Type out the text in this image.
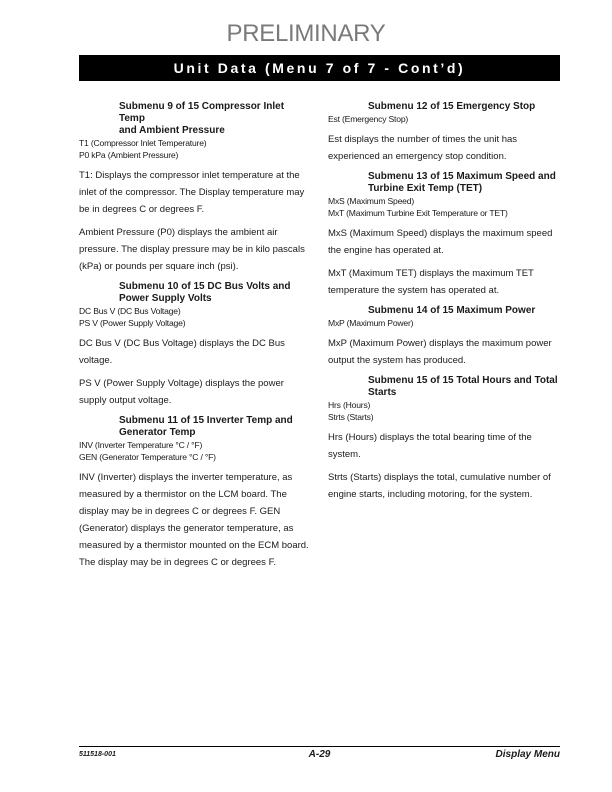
PRELIMINARY
Unit Data (Menu 7 of 7 - Cont’d)
Submenu 9 of 15 Compressor Inlet Temp
and Ambient Pressure
T1 (Compressor Inlet Temperature)
P0 kPa (Ambient Pressure)

T1: Displays the compressor inlet temperature at the inlet of the compressor. The Display temperature may be in degrees C or degrees F.

Ambient Pressure (P0) displays the ambient air pressure. The display pressure may be in kilo pascals (kPa) or pounds per square inch (psi).

Submenu 10 of 15 DC Bus Volts and
Power Supply Volts
DC Bus V (DC Bus Voltage)
PS V (Power Supply Voltage)

DC Bus V (DC Bus Voltage) displays the DC Bus voltage.

PS V (Power Supply Voltage) displays the power supply output voltage.

Submenu 11 of 15 Inverter Temp and
Generator Temp
INV (Inverter Temperature °C / °F)
GEN (Generator Temperature °C / °F)

INV (Inverter) displays the inverter temperature, as measured by a thermistor on the LCM board. The display may be in degrees C or degrees F. GEN (Generator) displays the generator temperature, as measured by a thermistor mounted on the ECM board. The display may be in degrees C or degrees F.

Submenu 12 of 15 Emergency Stop
Est (Emergency Stop)

Est displays the number of times the unit has experienced an emergency stop condition.

Submenu 13 of 15 Maximum Speed and
Turbine Exit Temp (TET)
MxS (Maximum Speed)
MxT (Maximum Turbine Exit Temperature or TET)

MxS (Maximum Speed) displays the maximum speed the engine has operated at.

MxT (Maximum TET) displays the maximum TET temperature the system has operated at.

Submenu 14 of 15 Maximum Power
MxP (Maximum Power)

MxP (Maximum Power) displays the maximum power output the system has produced.

Submenu 15 of 15 Total Hours and Total
Starts
Hrs (Hours)
Strts (Starts)

Hrs (Hours) displays the total bearing time of the system.

Strts (Starts) displays the total, cumulative number of engine starts, including motoring, for the system.

511518-001	A-29	Display Menu
